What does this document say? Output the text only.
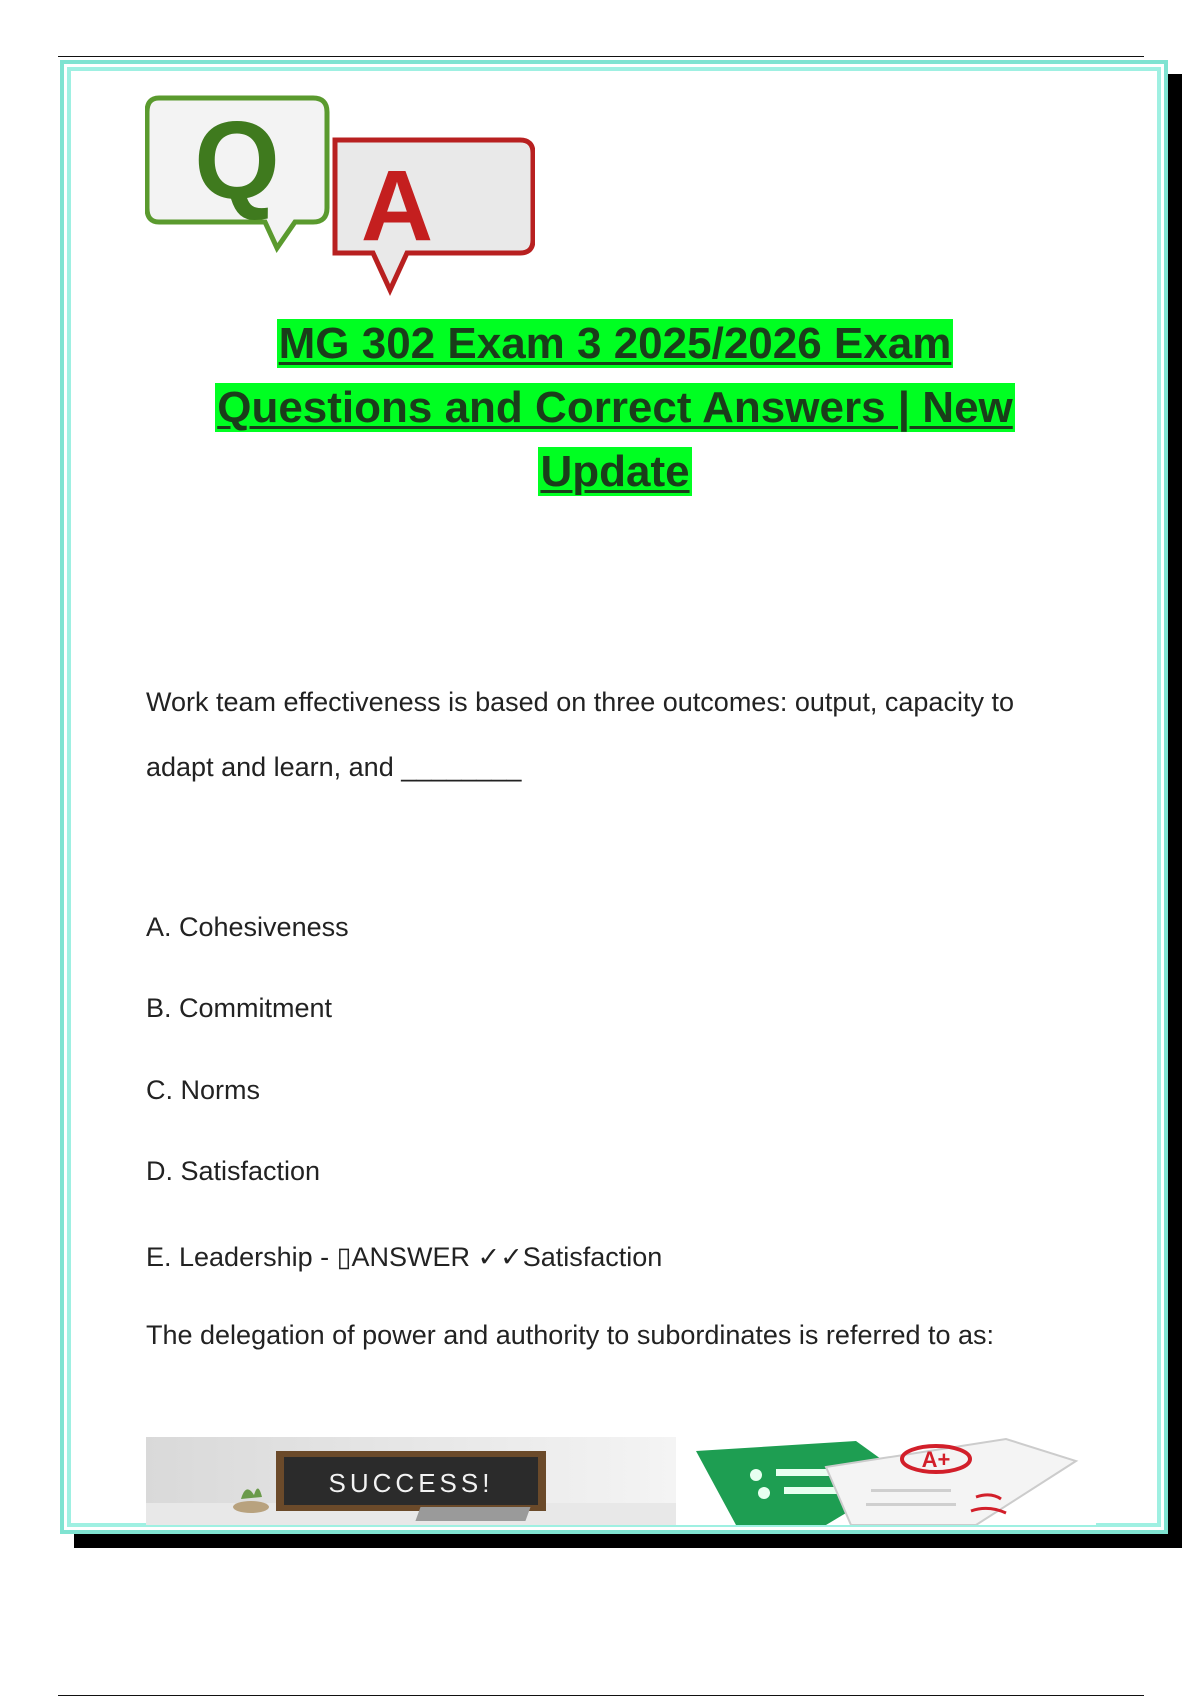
Q A
MG 302 Exam 3 2025/2026 Exam
Questions and Correct Answers | New
Update

Work team effectiveness is based on three outcomes: output, capacity to adapt and learn, and ________

A. Cohesiveness

B. Commitment

C. Norms

D. Satisfaction

E. Leadership - ▯ANSWER ✓✓Satisfaction

The delegation of power and authority to subordinates is referred to as:

SUCCESS!
A+
